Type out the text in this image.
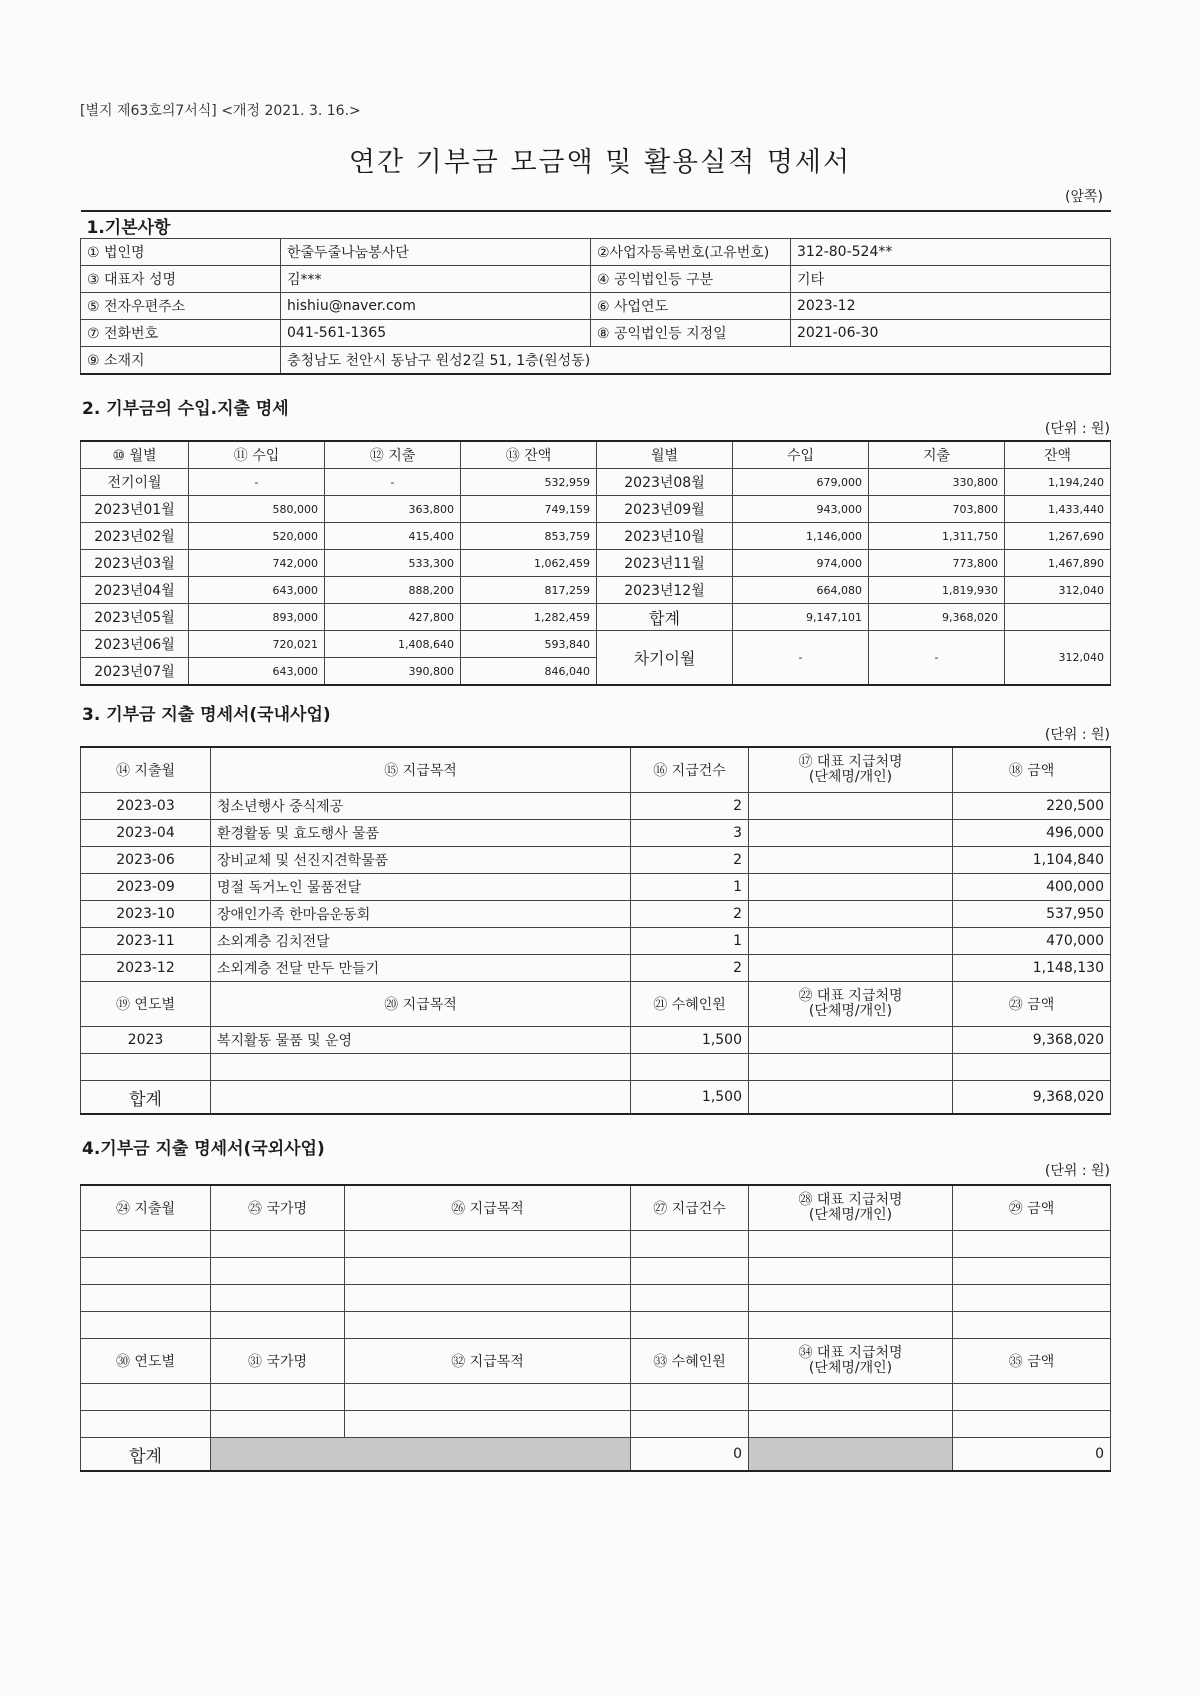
[별지 제63호의7서식] <개정 2021. 3. 16.>
연간 기부금 모금액 및 활용실적 명세서
(앞쪽)
1.기본사항			
① 법인명	한줄두줄나눔봉사단	②사업자등록번호(고유번호)	312-80-524**
③ 대표자 성명	김***	④ 공익법인등 구분	기타
⑤ 전자우편주소	hishiu@naver.com	⑥ 사업연도	2023-12
⑦ 전화번호	041-561-1365	⑧ 공익법인등 지정일	2021-06-30
⑨ 소재지	충청남도 천안시 동남구 원성2길 51, 1층(원성동)		
2. 기부금의 수입.지출 명세
(단위 : 원)
⑩ 월별	⑪ 수입	⑫ 지출	⑬ 잔액	월별	수입	지출	잔액
전기이월	-	-	532,959	2023년08월	679,000	330,800	1,194,240
2023년01월	580,000	363,800	749,159	2023년09월	943,000	703,800	1,433,440
2023년02월	520,000	415,400	853,759	2023년10월	1,146,000	1,311,750	1,267,690
2023년03월	742,000	533,300	1,062,459	2023년11월	974,000	773,800	1,467,890
2023년04월	643,000	888,200	817,259	2023년12월	664,080	1,819,930	312,040
2023년05월	893,000	427,800	1,282,459	합계	9,147,101	9,368,020	
2023년06월	720,021	1,408,640	593,840	차기이월	-	-	312,040
2023년07월	643,000	390,800	846,040				
3. 기부금 지출 명세서(국내사업)
(단위 : 원)
⑭ 지출월	⑮ 지급목적	⑯ 지급건수	⑰ 대표 지급처명
(단체명/개인)	⑱ 금액
2023-03	청소년행사 중식제공	2		220,500
2023-04	환경활동 및 효도행사 물품	3		496,000
2023-06	장비교체 및 선진지견학물품	2		1,104,840
2023-09	명절 독거노인 물품전달	1		400,000
2023-10	장애인가족 한마음운동회	2		537,950
2023-11	소외계층 김치전달	1		470,000
2023-12	소외계층 전달 만두 만들기	2		1,148,130
⑲ 연도별	⑳ 지급목적	㉑ 수혜인원	㉒ 대표 지급처명
(단체명/개인)	㉓ 금액
2023	복지활동 물품 및 운영	1,500		9,368,020

합계		1,500		9,368,020
4.기부금 지출 명세서(국외사업)
(단위 : 원)
㉔ 지출월	㉕ 국가명	㉖ 지급목적	㉗ 지급건수	㉘ 대표 지급처명
(단체명/개인)	㉙ 금액

㉚ 연도별	㉛ 국가명	㉜ 지급목적	㉝ 수혜인원	㉞ 대표 지급처명
(단체명/개인)	㉟ 금액

합계			0		0
